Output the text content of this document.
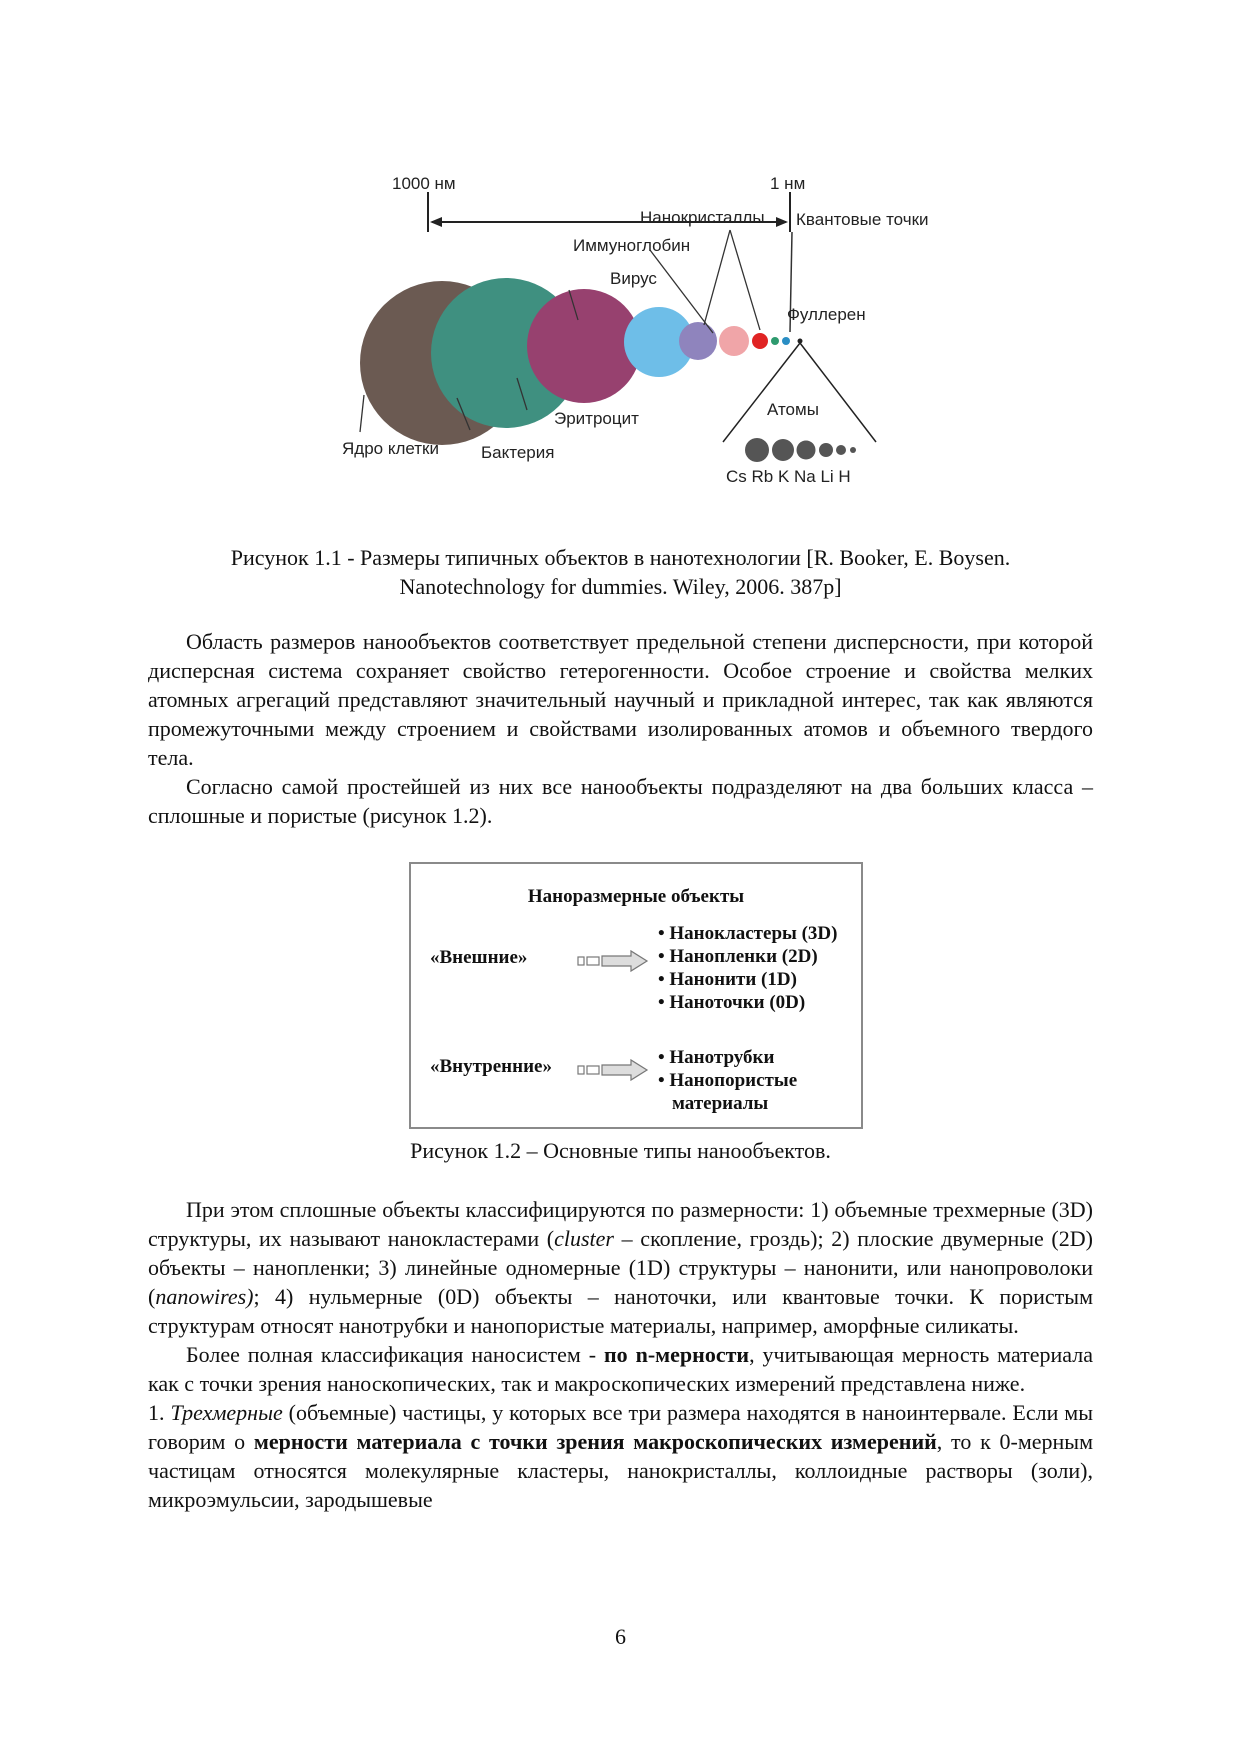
1000 нм	1 нм
Нанокристаллы Квантовые точки
Иммуноглобин
Вирус
Фуллерен
Атомы
Эритроцит
Ядро клетки Бактерия
Cs Rb K Na Li H
Рисунок 1.1 - Размеры типичных объектов в нанотехнологии [R. Booker, E. Boysen.
Nanotechnology for dummies. Wiley, 2006. 387p]

Область размеров нанообъектов соответствует предельной степени дисперсности, при которой дисперсная система сохраняет свойство гетерогенности. Особое строение и свойства мелких атомных агрегаций представляют значительный научный и прикладной интерес, так как являются промежуточными между строением и свойствами изолированных атомов и объемного твердого тела.

Согласно самой простейшей из них все нанообъекты подразделяют на два больших класса – сплошные и пористые (рисунок 1.2).

Наноразмерные объекты
«Внешние»
• Нанокластеры (3D)
• Нанопленки (2D)
• Нанонити (1D)
• Наноточки (0D)
«Внутренние»
•	Нанотрубки
• Нанопористые материалы
Рисунок 1.2 – Основные типы нанообъектов.

При этом сплошные объекты классифицируются по размерности: 1) объемные трехмерные (3D) структуры, их называют нанокластерами (cluster – скопление, гроздь); 2) плоские двумерные (2D) объекты – нанопленки; 3) линейные одномерные (1D) структуры – нанонити, или нанопроволоки (nanowires); 4) нульмерные (0D) объекты – наноточки, или квантовые точки. К пористым структурам относят нанотрубки и нанопористые материалы, например, аморфные силикаты.

Более полная классификация наносистем - по n-мерности, учитывающая мерность материала как с точки зрения наноскопических, так и макроскопических измерений представлена ниже.

1. Трехмерные (объемные) частицы, у которых все три размера находятся в наноинтервале. Если мы говорим о мерности материала с точки зрения макроскопических измерений, то к 0-мерным частицам относятся молекулярные кластеры, нанокристаллы, коллоидные растворы (золи), микроэмульсии, зародышевые

6
